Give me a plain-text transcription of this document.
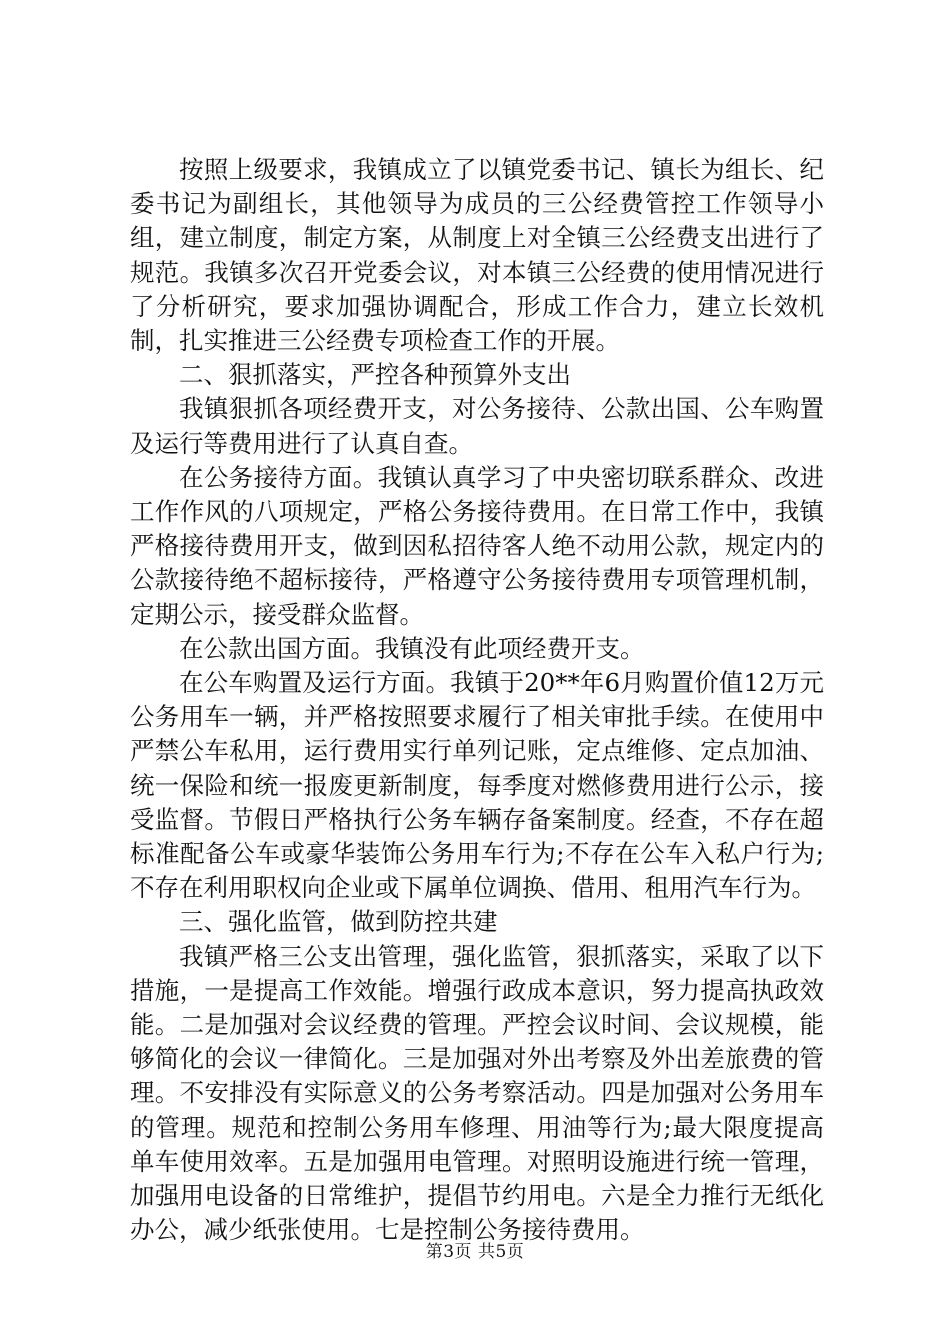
按照上级要求，我镇成立了以镇党委书记、镇长为组长、纪委书记为副组长，其他领导为成员的三公经费管控工作领导小组，建立制度，制定方案，从制度上对全镇三公经费支出进行了规范。我镇多次召开党委会议，对本镇三公经费的使用情况进行了分析研究，要求加强协调配合，形成工作合力，建立长效机制，扎实推进三公经费专项检查工作的开展。

二、狠抓落实，严控各种预算外支出

我镇狠抓各项经费开支，对公务接待、公款出国、公车购置及运行等费用进行了认真自查。

在公务接待方面。我镇认真学习了中央密切联系群众、改进工作作风的八项规定，严格公务接待费用。在日常工作中，我镇严格接待费用开支，做到因私招待客人绝不动用公款，规定内的公款接待绝不超标接待，严格遵守公务接待费用专项管理机制，定期公示，接受群众监督。

在公款出国方面。我镇没有此项经费开支。

在公车购置及运行方面。我镇于20**年6月购置价值12万元公务用车一辆，并严格按照要求履行了相关审批手续。在使用中严禁公车私用，运行费用实行单列记账，定点维修、定点加油、统一保险和统一报废更新制度，每季度对燃修费用进行公示，接受监督。节假日严格执行公务车辆存备案制度。经查，不存在超标准配备公车或豪华装饰公务用车行为;不存在公车入私户行为;不存在利用职权向企业或下属单位调换、借用、租用汽车行为。

三、强化监管，做到防控共建

我镇严格三公支出管理，强化监管，狠抓落实，采取了以下措施，一是提高工作效能。增强行政成本意识，努力提高执政效能。二是加强对会议经费的管理。严控会议时间、会议规模，能够简化的会议一律简化。三是加强对外出考察及外出差旅费的管理。不安排没有实际意义的公务考察活动。四是加强对公务用车的管理。规范和控制公务用车修理、用油等行为;最大限度提高单车使用效率。五是加强用电管理。对照明设施进行统一管理，加强用电设备的日常维护，提倡节约用电。六是全力推行无纸化办公，减少纸张使用。七是控制公务接待费用。

第3页 共5页
